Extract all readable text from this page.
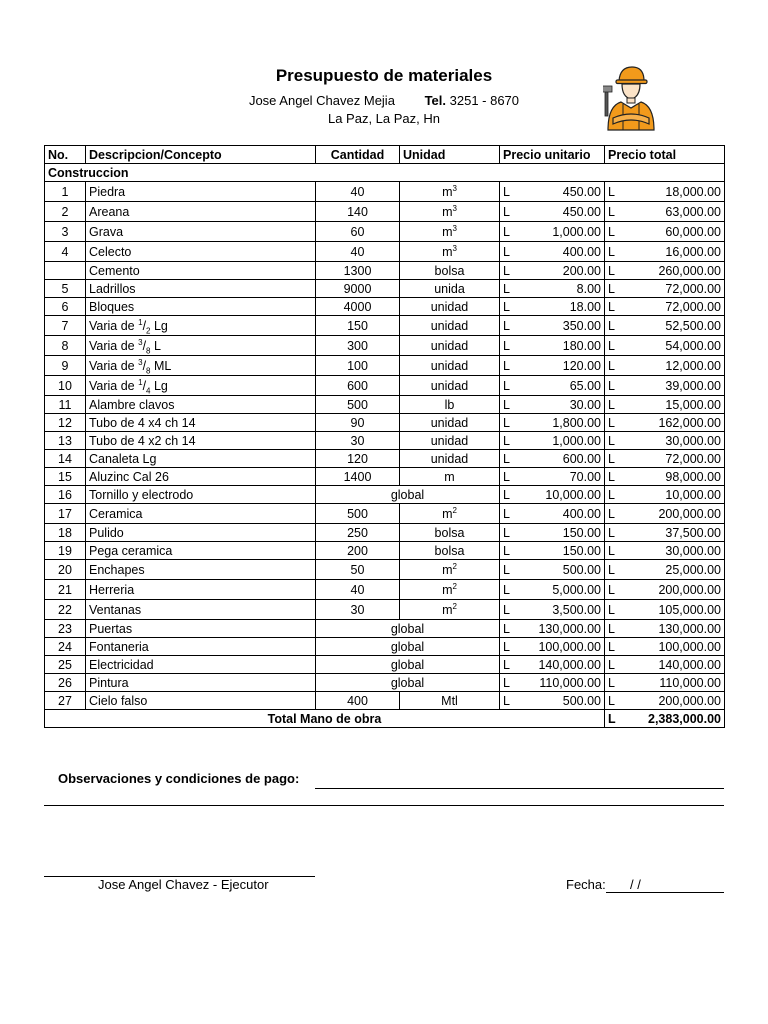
Presupuesto de materiales
Jose Angel Chavez Mejia Tel. 3251 - 8670
La Paz, La Paz, Hn
No.	Descripcion/Concepto	Cantidad	Unidad	Precio unitario	Precio total
Construccion					
1	Piedra	40	$m^3$	L 450.00	L 18,000.00

2	Areana	140	$m^3$	L 450.00	L 63,000.00

3	Grava	60	$m^3$	L 1,000.00	L 60,000.00

4	Celecto	40	$m^3$	L 400.00	L 16,000.00

	Cemento	1300	bolsa	L 200.00	L 260,000.00

5	Ladrillos	9000	unida	L 8.00	L 72,000.00

6	Bloques	4000	unidad	L 18.00	L 72,000.00

7	Varia de $^1/_2$ Lg	150	unidad	L 350.00	L 52,500.00

8	Varia de $^3/_8$ L	300	unidad	L 180.00	L 54,000.00

9	Varia de $^3/_8$ ML	100	unidad	L 120.00	L 12,000.00

10	Varia de $^1/_4$ Lg	600	unidad	L 65.00	L 39,000.00

11	Alambre clavos	500	lb	L 30.00	L 15,000.00

12	Tubo de 4 x4 ch 14	90	unidad	L 1,800.00	L 162,000.00

13	Tubo de 4 x2 ch 14	30	unidad	L 1,000.00	L 30,000.00

14	Canaleta Lg	120	unidad	L 600.00	L 72,000.00

15	Aluzinc Cal 26	1400	m	L 70.00	L 98,000.00

16	Tornillo y electrodo	global		L 10,000.00	L 10,000.00

17	Ceramica	500	$m^2$	L 400.00	L 200,000.00

18	Pulido	250	bolsa	L 150.00	L 37,500.00

19	Pega ceramica	200	bolsa	L 150.00	L 30,000.00

20	Enchapes	50	$m^2$	L 500.00	L 25,000.00

21	Herreria	40	$m^2$	L 5,000.00	L 200,000.00

22	Ventanas	30	$m^2$	L 3,500.00	L 105,000.00

23	Puertas	global		L 130,000.00	L 130,000.00

24	Fontaneria	global		L 100,000.00	L 100,000.00

25	Electricidad	global		L 140,000.00	L 140,000.00

26	Pintura	global		L 110,000.00	L 110,000.00

27	Cielo falso	400	Mtl	L 500.00	L 200,000.00

Total Mano de obra					L 2,383,000.00
Observaciones y condiciones de pago:
Jose Angel Chavez - Ejecutor	Fecha:	/ /
